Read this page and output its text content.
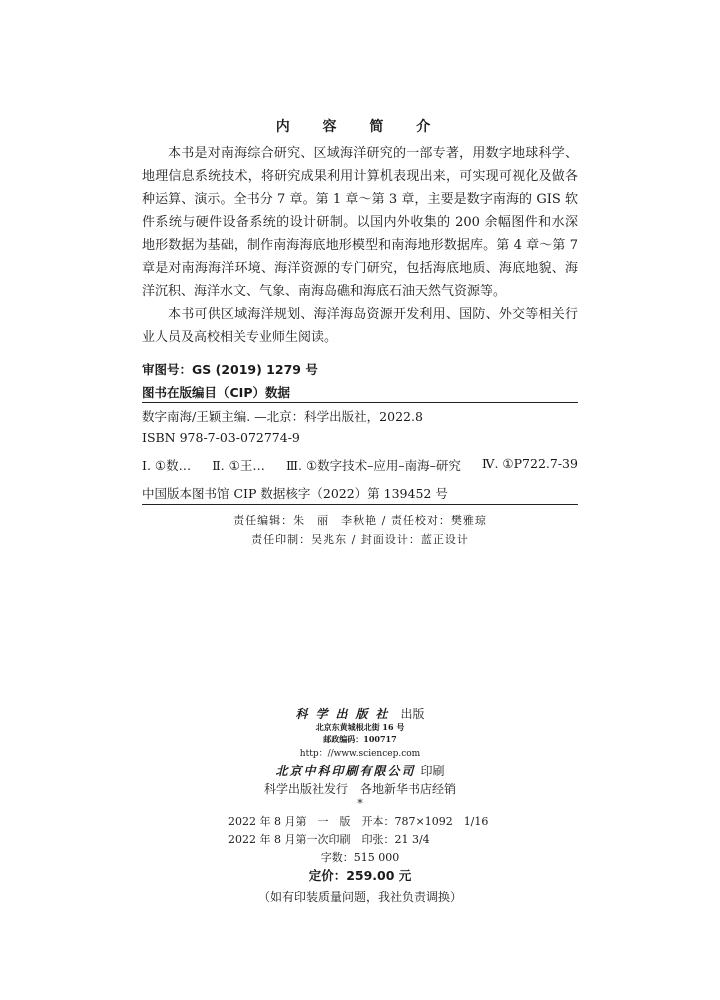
内 容 简 介

本书是对南海综合研究、区域海洋研究的一部专著，用数字地球科学、地理信息系统技术，将研究成果利用计算机表现出来，可实现可视化及做各种运算、演示。全书分 7 章。第 1 章～第 3 章，主要是数字南海的 GIS 软件系统与硬件设备系统的设计研制。以国内外收集的 200 余幅图件和水深地形数据为基础，制作南海海底地形模型和南海地形数据库。第 4 章～第 7 章是对南海海洋环境、海洋资源的专门研究，包括海底地质、海底地貌、海洋沉积、海洋水文、气象、南海岛礁和海底石油天然气资源等。

本书可供区域海洋规划、海洋海岛资源开发利用、国防、外交等相关行业人员及高校相关专业师生阅读。

审图号：GS (2019) 1279 号
图书在版编目（CIP）数据
数字南海/王颖主编. —北京：科学出版社，2022.8
ISBN 978-7-03-072774-9
Ⅰ. ①数… Ⅱ. ①王… Ⅲ. ①数字技术–应用–南海–研究 Ⅳ. ①P722.7-39
中国版本图书馆 CIP 数据核字（2022）第 139452 号
责任编辑：朱　丽　李秋艳 / 责任校对：樊雅琼
责任印制：吴兆东 / 封面设计：蓝正设计
科学出版社 出版
北京东黄城根北街 16 号
邮政编码：100717
http：//www.sciencep.com
北京中科印刷有限公司 印刷
科学出版社发行　各地新华书店经销
*
2022 年 8 月第　一　版　开本：787×1092　1/16
2022 年 8 月第一次印刷　印张：21 3/4
字数：515 000
定价：259.00 元
（如有印装质量问题，我社负责调换）
